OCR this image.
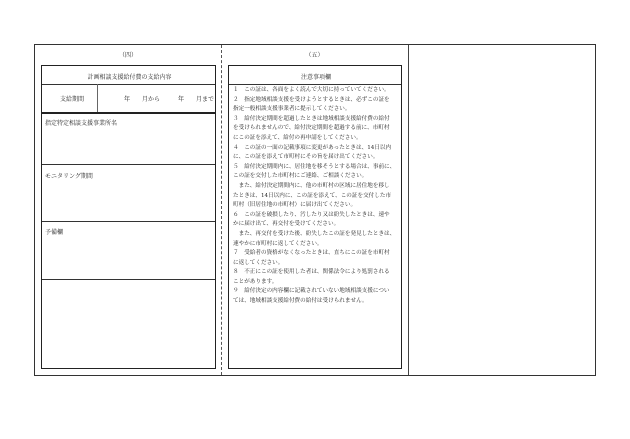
（四）
計画相談支援給付費の支給内容
支給期間	年　　月から	年　　月まで
指定特定相談支援事業所名
モニタリング期間
予備欄
（五）
注意事項欄

１　この証は、各面をよく読んで大切に持っていてください。

２　指定地域相談支援を受けようとするときは、必ずこの証を

指定一般相談支援事業者に提示してください。

３　給付決定期間を超過したときは地域相談支援給付費の給付

を受けられませんので、給付決定期間を超過する前に、市町村

にこの証を添えて、給付の再申請をしてください。

４　この証の一面の記載事項に変更があったときは、14日以内

に、この証を添えて市町村にその旨を届け出てください。

５　給付決定期間内に、居住地を移そうとする場合は、事前に、

この証を交付した市町村にご連絡、ご相談ください。

　また、給付決定期間内に、他の市町村の区域に居住地を移し

たときは、14日以内に、この証を添えて、この証を交付した市

町村（旧居住地の市町村）に届け出てください。

６　この証を破損したり、汚したり又は紛失したときは、速や

かに届け出て、再交付を受けてください。

　また、再交付を受けた後、紛失したこの証を発見したときは、

速やかに市町村に返してください。

７　受給者の資格がなくなったときは、直ちにこの証を市町村

に返してください。

８　不正にこの証を使用した者は、関係法令により処罰される

ことがあります。

９　給付決定の内容欄に記載されていない地域相談支援につい

ては、地域相談支援給付費の給付は受けられません。
